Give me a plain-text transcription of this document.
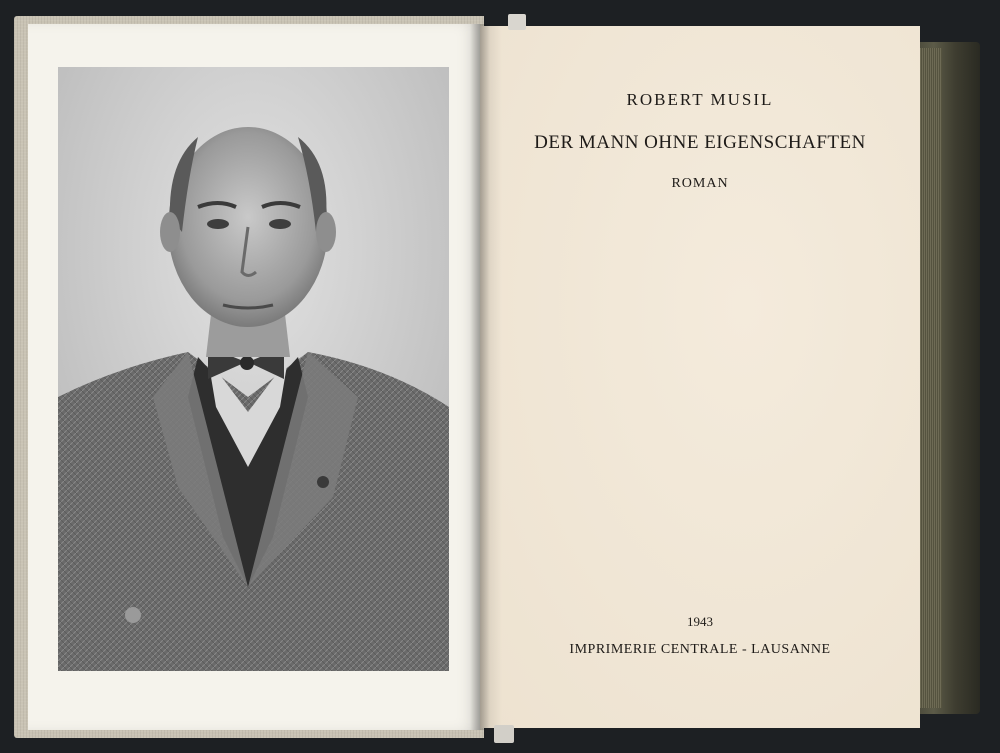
ROBERT MUSIL

DER MANN OHNE EIGENSCHAFTEN

ROMAN

1943

IMPRIMERIE CENTRALE - LAUSANNE
